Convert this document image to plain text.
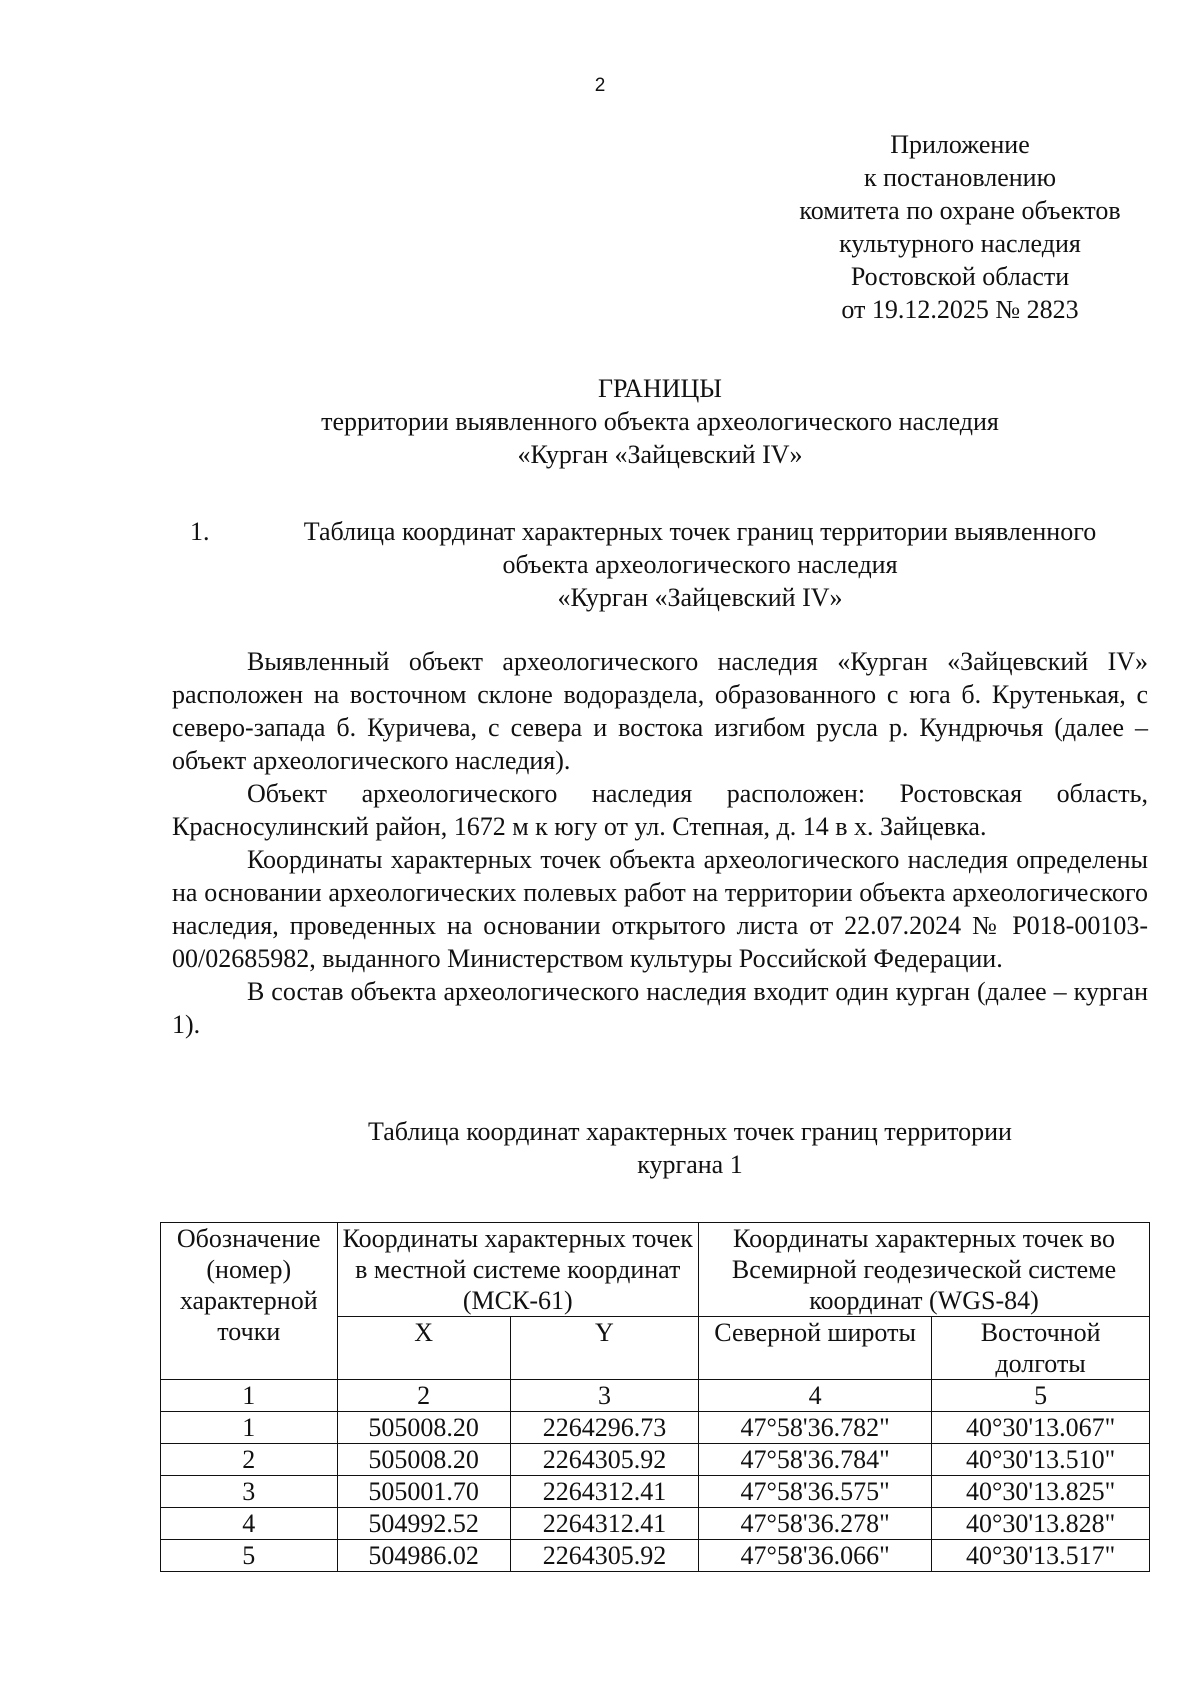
2
Приложение
к постановлению
комитета по охране объектов
культурного наследия
Ростовской области
от 19.12.2025 № 2823
ГРАНИЦЫ
территории выявленного объекта археологического наследия
«Курган «Зайцевский IV»
1.	Таблица координат характерных точек границ территории выявленного
объекта археологического наследия
«Курган «Зайцевский IV»

Выявленный объект археологического наследия «Курган «Зайцевский IV» расположен на восточном склоне водораздела, образованного с юга б. Крутенькая, с северо-запада б. Куричева, с севера и востока изгибом русла р. Кундрючья (далее – объект археологического наследия).

Объект археологического наследия расположен: Ростовская область, Красносулинский район, 1672 м к югу от ул. Степная, д. 14 в х. Зайцевка.

Координаты характерных точек объекта археологического наследия определены на основании археологических полевых работ на территории объекта археологического наследия, проведенных на основании открытого листа от 22.07.2024 № Р018-00103-00/02685982, выданного Министерством культуры Российской Федерации.

В состав объекта археологического наследия входит один курган (далее – курган 1).

Таблица координат характерных точек границ территории
кургана 1
Обозначение (номер) характерной точки	Координаты характерных точек в местной системе координат (МСК-61)		Координаты характерных точек во Всемирной геодезической системе координат (WGS-84)	
	X	Y	Северной широты	Восточной долготы
1	2	3	4	5
1	505008.20	2264296.73	47°58'36.782"	40°30'13.067"
2	505008.20	2264305.92	47°58'36.784"	40°30'13.510"
3	505001.70	2264312.41	47°58'36.575"	40°30'13.825"
4	504992.52	2264312.41	47°58'36.278"	40°30'13.828"
5	504986.02	2264305.92	47°58'36.066"	40°30'13.517"
